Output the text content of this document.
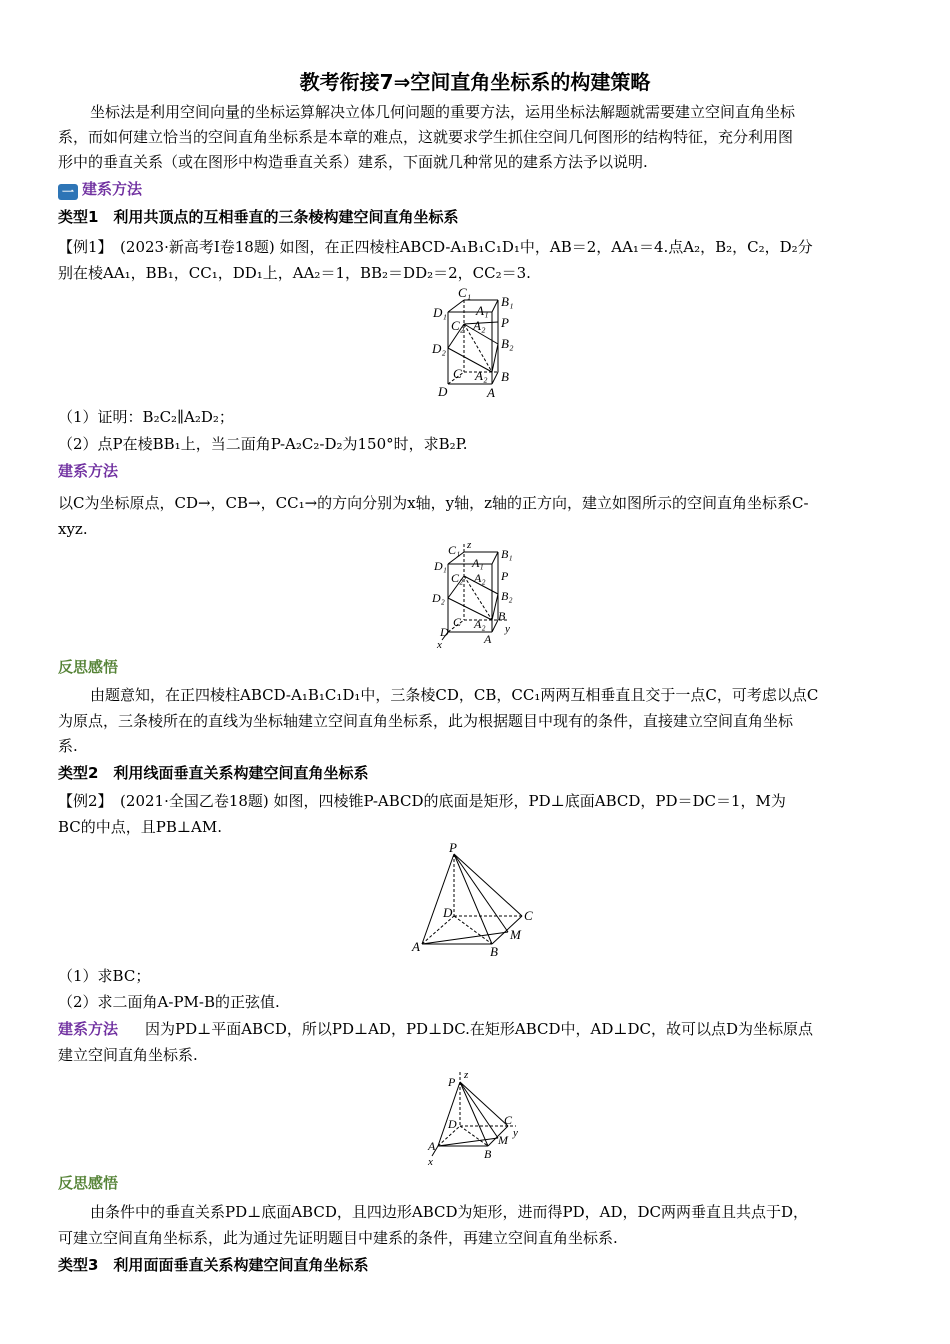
教考衔接7⇒空间直角坐标系的构建策略
坐标法是利用空间向量的坐标运算解决立体几何问题的重要方法，运用坐标法解题就需要建立空间直角坐标
系，而如何建立恰当的空间直角坐标系是本章的难点，这就要求学生抓住空间几何图形的结构特征，充分利用图
形中的垂直关系（或在图形中构造垂直关系）建系，下面就几种常见的建系方法予以说明.
一 建系方法
类型1　利用共顶点的互相垂直的三条棱构建空间直角坐标系
【例1】　(2023·新高考Ⅰ卷18题) 如图，在正四棱柱ABCD-A₁B₁C₁D₁中，AB＝2，AA₁＝4.点A₂，B₂，C₂，D₂分
别在棱AA₁，BB₁，CC₁，DD₁上，AA₂＝1，BB₂＝DD₂＝2，CC₂＝3.
C₁
B₁
D₁ A₁
C₂ A₂ P
B₂
D₂
C A₂ B
D	A
（1）证明：B₂C₂∥A₂D₂；
（2）点P在棱BB₁上，当二面角P-A₂C₂-D₂为150°时，求B₂P.
建系方法
以C为坐标原点，CD→，CB→，CC₁→的方向分别为x轴，y轴，z轴的正方向，建立如图所示的空间直角坐标系C-
xyz.
z
y
x
C₁	B₁
D₁ A₁
C₂ A₂ P
B₂
D₂
C A₂
B
D	A
反思感悟
由题意知，在正四棱柱ABCD-A₁B₁C₁D₁中，三条棱CD，CB，CC₁两两互相垂直且交于一点C，可考虑以点C
为原点，三条棱所在的直线为坐标轴建立空间直角坐标系，此为根据题目中现有的条件，直接建立空间直角坐标
系.
类型2　利用线面垂直关系构建空间直角坐标系
【例2】　(2021·全国乙卷18题) 如图，四棱锥P-ABCD的底面是矩形，PD⊥底面ABCD，PD＝DC＝1，M为
BC的中点，且PB⊥AM.
P
D	C
M
A	B
（1）求BC；
（2）求二面角A-PM-B的正弦值.
建系方法 因为PD⊥平面ABCD，所以PD⊥AD，PD⊥DC.在矩形ABCD中，AD⊥DC，故可以点D为坐标原点
建立空间直角坐标系.
z
y
x
P
D	C
M
A
B
反思感悟
由条件中的垂直关系PD⊥底面ABCD，且四边形ABCD为矩形，进而得PD，AD，DC两两垂直且共点于D，
可建立空间直角坐标系，此为通过先证明题目中建系的条件，再建立空间直角坐标系.
类型3　利用面面垂直关系构建空间直角坐标系
